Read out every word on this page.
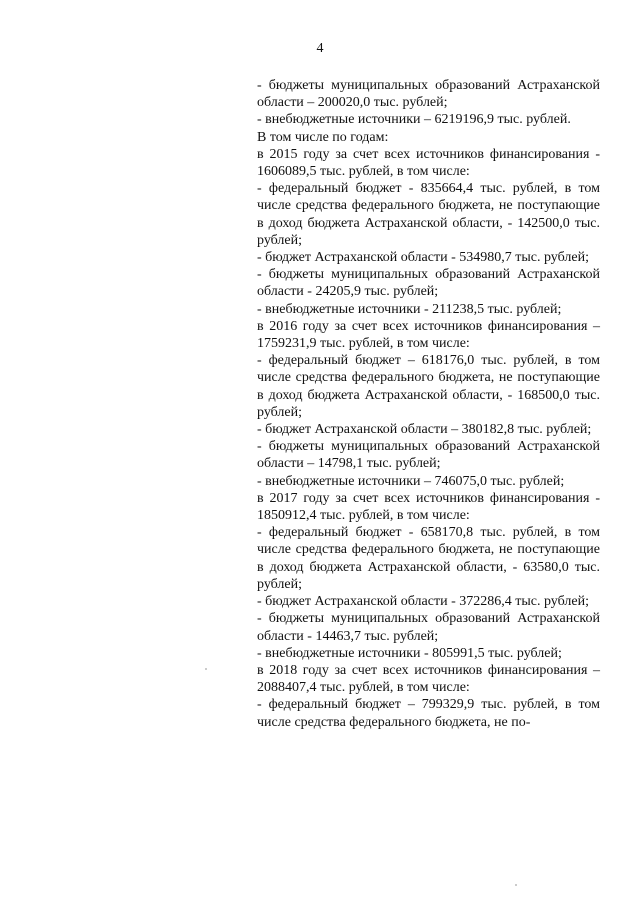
4

- бюджеты муниципальных образований Астраханской области – 200020,0 тыс. рублей;

- внебюджетные источники – 6219196,9 тыс. рублей.

В том числе по годам:

в 2015 году за счет всех источников финансирования - 1606089,5 тыс. рублей, в том числе:

- федеральный бюджет - 835664,4 тыс. рублей, в том числе средства федерального бюджета, не поступающие в доход бюджета Астраханской области, - 142500,0 тыс. рублей;

- бюджет Астраханской области - 534980,7 тыс. рублей;

- бюджеты муниципальных образований Астраханской области - 24205,9 тыс. рублей;

- внебюджетные источники - 211238,5 тыс. рублей;

в 2016 году за счет всех источников финансирования – 1759231,9 тыс. рублей, в том числе:

- федеральный бюджет – 618176,0 тыс. рублей, в том числе средства федерального бюджета, не поступающие в доход бюджета Астраханской области, - 168500,0 тыс. рублей;

- бюджет Астраханской области – 380182,8 тыс. рублей;

- бюджеты муниципальных образований Астраханской области – 14798,1 тыс. рублей;

- внебюджетные источники – 746075,0 тыс. рублей;

в 2017 году за счет всех источников финансирования - 1850912,4 тыс. рублей, в том числе:

- федеральный бюджет - 658170,8 тыс. рублей, в том числе средства федерального бюджета, не поступающие в доход бюджета Астраханской области, - 63580,0 тыс. рублей;

- бюджет Астраханской области - 372286,4 тыс. рублей;

- бюджеты муниципальных образований Астраханской области - 14463,7 тыс. рублей;

- внебюджетные источники - 805991,5 тыс. рублей;

в 2018 году за счет всех источников финансирования – 2088407,4 тыс. рублей, в том числе:

- федеральный бюджет – 799329,9 тыс. рублей, в том числе средства федерального бюджета, не по-
